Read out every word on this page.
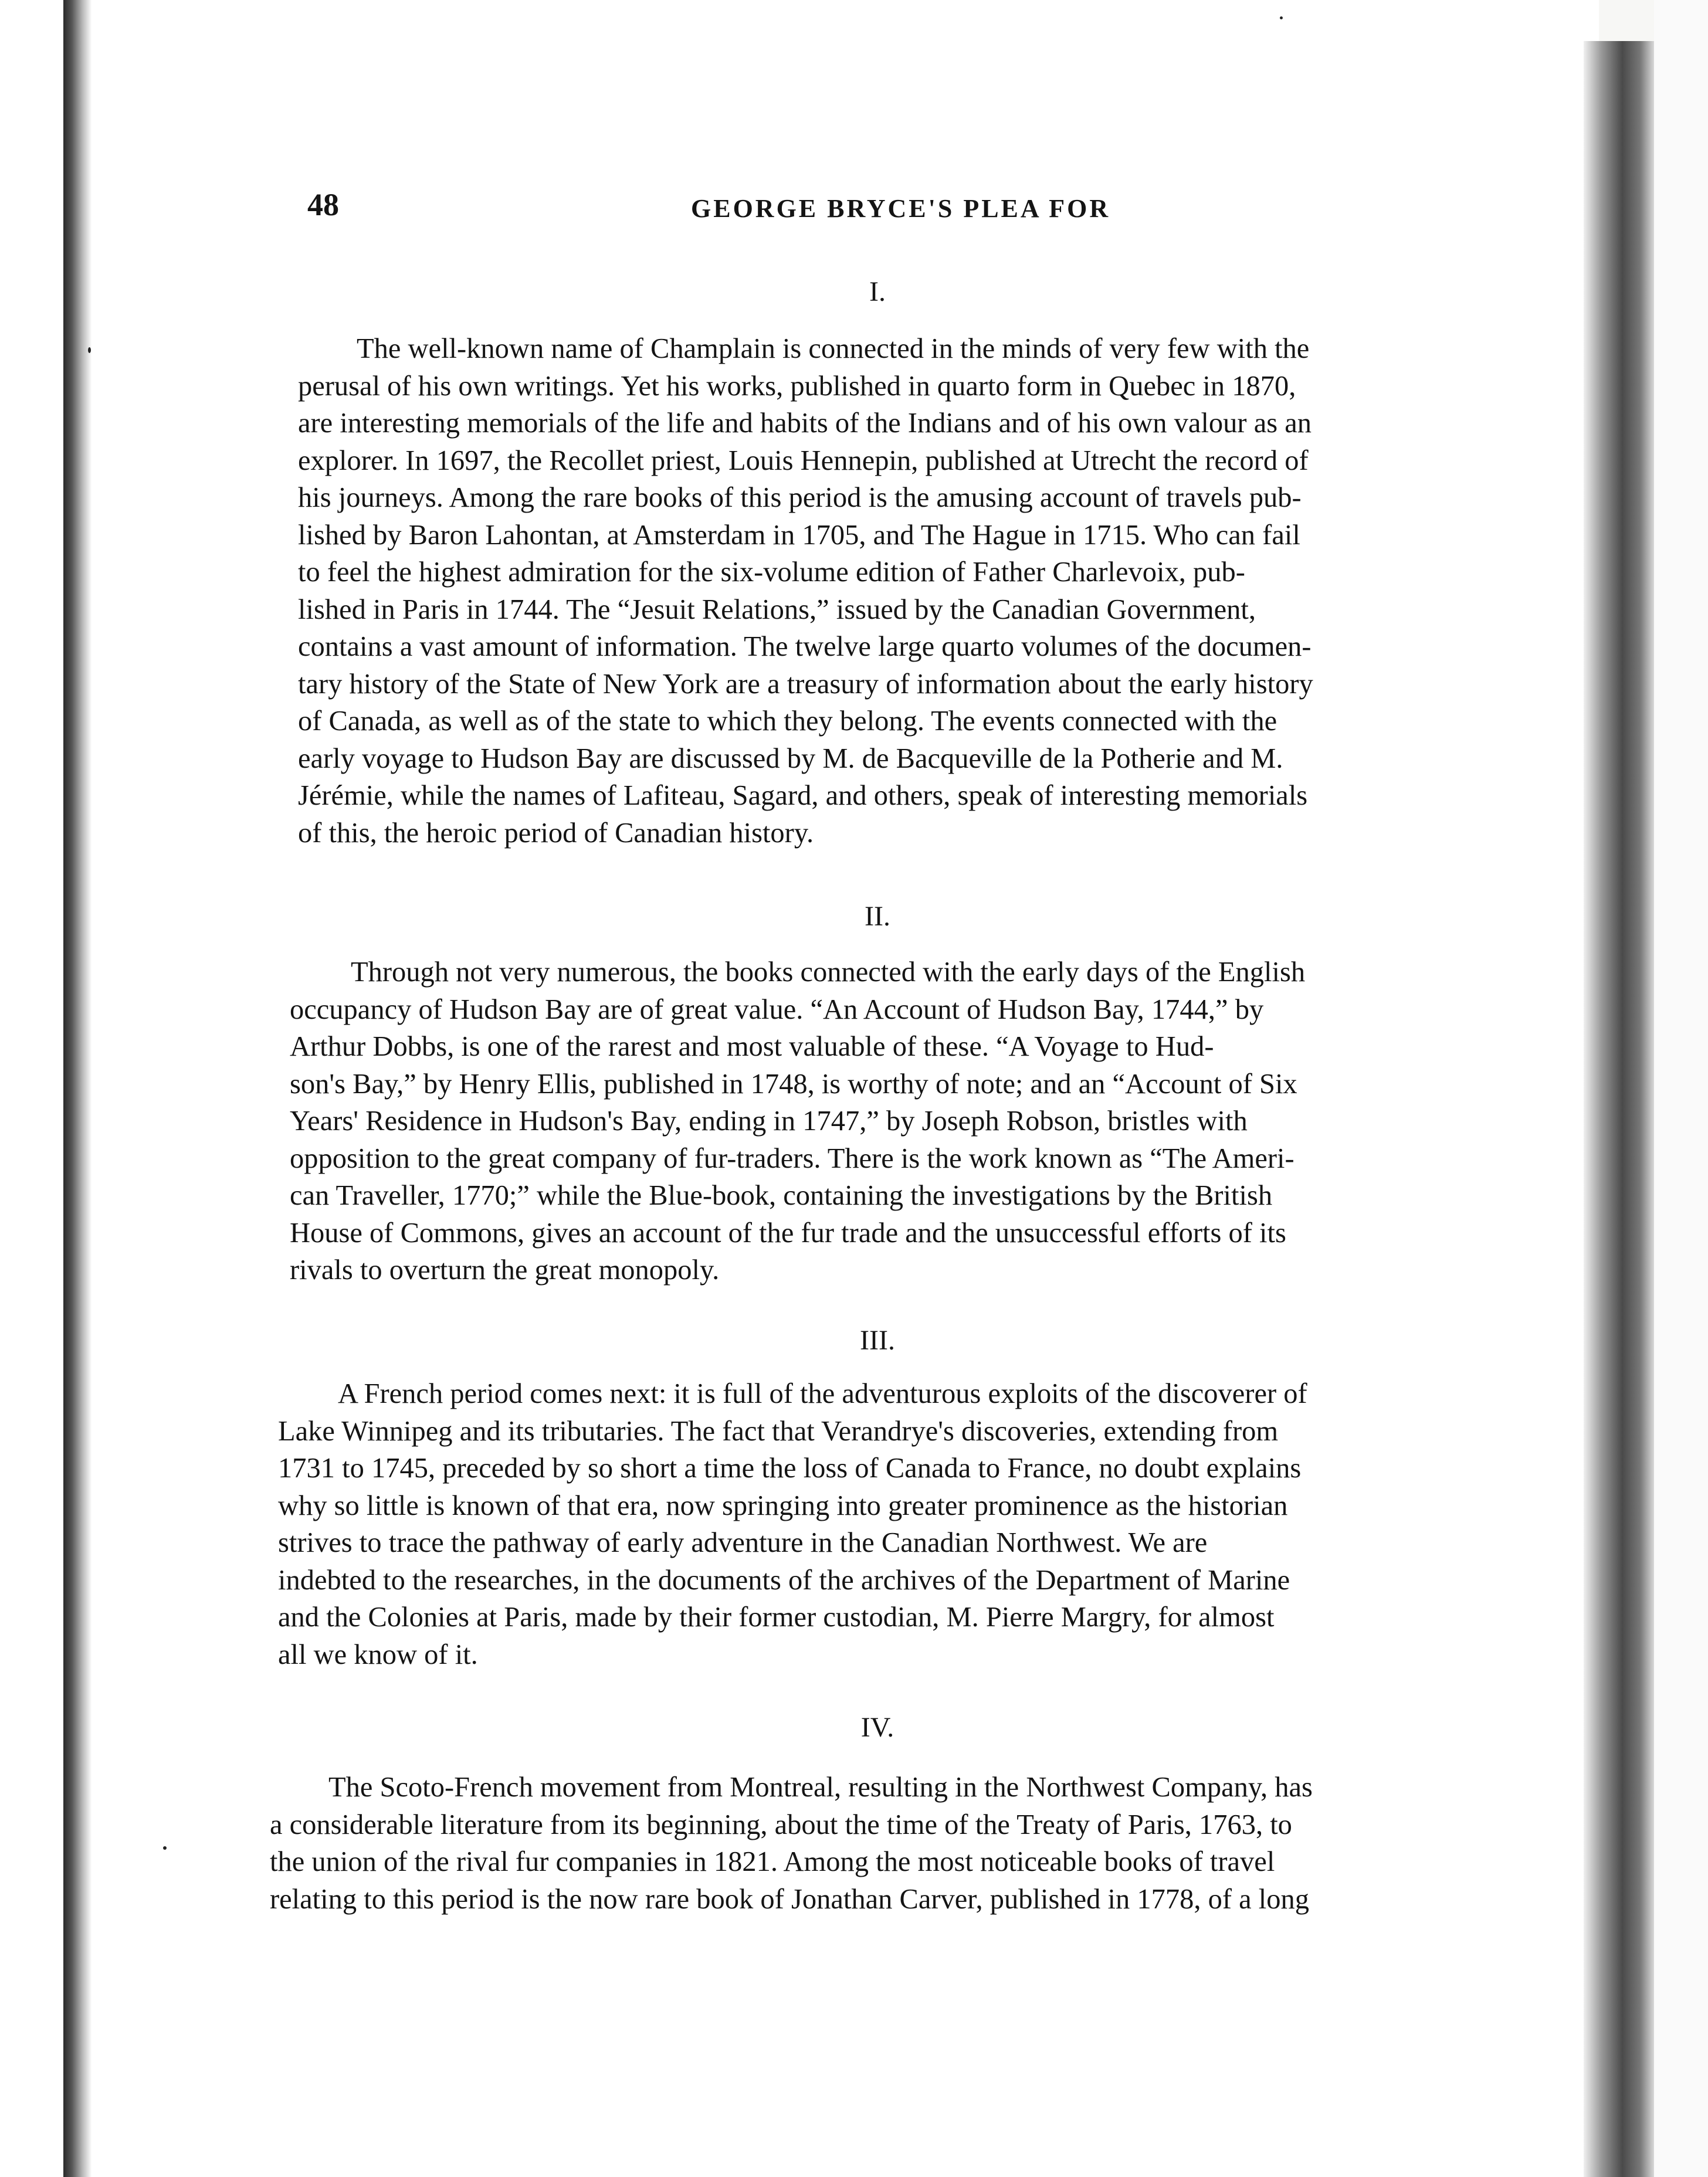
48	GEORGE BRYCE'S PLEA FOR
I.
The well-known name of Champlain is connected in the minds of very few with the
perusal of his own writings. Yet his works, published in quarto form in Quebec in 1870,
are interesting memorials of the life and habits of the Indians and of his own valour as an
explorer. In 1697, the Recollet priest, Louis Hennepin, published at Utrecht the record of
his journeys. Among the rare books of this period is the amusing account of travels pub-
lished by Baron Lahontan, at Amsterdam in 1705, and The Hague in 1715. Who can fail
to feel the highest admiration for the six-volume edition of Father Charlevoix, pub-
lished in Paris in 1744. The “Jesuit Relations,” issued by the Canadian Government,
contains a vast amount of information. The twelve large quarto volumes of the documen-
tary history of the State of New York are a treasury of information about the early history
of Canada, as well as of the state to which they belong. The events connected with the
early voyage to Hudson Bay are discussed by M. de Bacqueville de la Potherie and M.
Jérémie, while the names of Lafiteau, Sagard, and others, speak of interesting memorials
of this, the heroic period of Canadian history.
II.
Through not very numerous, the books connected with the early days of the English
occupancy of Hudson Bay are of great value. “An Account of Hudson Bay, 1744,” by
Arthur Dobbs, is one of the rarest and most valuable of these. “A Voyage to Hud-
son's Bay,” by Henry Ellis, published in 1748, is worthy of note; and an “Account of Six
Years' Residence in Hudson's Bay, ending in 1747,” by Joseph Robson, bristles with
opposition to the great company of fur-traders. There is the work known as “The Ameri-
can Traveller, 1770;” while the Blue-book, containing the investigations by the British
House of Commons, gives an account of the fur trade and the unsuccessful efforts of its
rivals to overturn the great monopoly.
III.
A French period comes next: it is full of the adventurous exploits of the discoverer of
Lake Winnipeg and its tributaries. The fact that Verandrye's discoveries, extending from
1731 to 1745, preceded by so short a time the loss of Canada to France, no doubt explains
why so little is known of that era, now springing into greater prominence as the historian
strives to trace the pathway of early adventure in the Canadian Northwest. We are
indebted to the researches, in the documents of the archives of the Department of Marine
and the Colonies at Paris, made by their former custodian, M. Pierre Margry, for almost
all we know of it.
IV.
The Scoto-French movement from Montreal, resulting in the Northwest Company, has
a considerable literature from its beginning, about the time of the Treaty of Paris, 1763, to
the union of the rival fur companies in 1821. Among the most noticeable books of travel
relating to this period is the now rare book of Jonathan Carver, published in 1778, of a long
